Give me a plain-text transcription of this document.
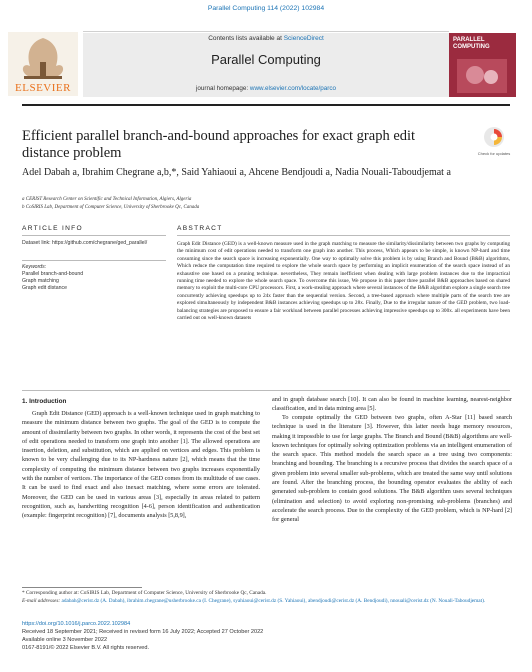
Parallel Computing 114 (2022) 102984
ELSEVIER
Contents lists available at ScienceDirect
Parallel Computing
journal homepage: www.elsevier.com/locate/parco
PARALLEL COMPUTING
Efficient parallel branch-and-bound approaches for exact graph edit distance problem	Check for updates
Adel Dabah a, Ibrahim Chegrane a,b,*, Said Yahiaoui a, Ahcene Bendjoudi a, Nadia Nouali-Taboudjemat a
a CERIST Research Center on Scientific and Technical Information, Algiers, Algeria
b CoSIRIS Lab, Department of Computer Science, University of Sherbrooke Qc, Canada
ARTICLE INFO
Dataset link: https://github.com/chegrane/ged_parallel/
Keywords:
Parallel branch-and-bound
Graph matching
Graph edit distance
ABSTRACT
Graph Edit Distance (GED) is a well-known measure used in the graph matching to measure the similarity/dissimilarity between two graphs by computing the minimum cost of edit operations needed to transform one graph into another. This process, Which appears to be simple, is known NP-hard and time consuming since the search space is increasing exponentially. One way to optimally solve this problem is by using Branch and Bound (B&B) algorithms, Which reduce the computation time required to explore the whole search space by performing an implicit enumeration of the search space instead of an exhaustive one based on a pruning technique. nevertheless, They remain inefficient when dealing with large problem instances due to the impractical running time needed to explore the whole search space. To overcome this issue, We propose in this paper three parallel B&B approaches based on shared memory to exploit the multi-core CPU processors. First, a work-stealing approach where several instances of the B&B algorithm explore a single search tree concurrently achieving speedups up to 24x faster than the sequential version. Second, a tree-based approach where multiple parts of the search tree are explored simultaneously by independent B&B instances achieving speedups up to 28x. Finally, Due to the irregular nature of the GED problem, two load-balancing strategies are proposed to ensure a fair workload between parallel processes achieving impressive speedups up to 300x. all experiments have been carried out on well-known datasets
1. Introduction
Graph Edit Distance (GED) approach is a well-known technique used in graph matching to measure the minimum distance between two graphs. The goal of the GED is to compute the amount of dissimilarity between two graphs. In other words, it represents the cost of the best set of edit operations needed to transform one graph into another [1]. The allowed operations are insertion, deletion, and substitution, which are applied on vertices and edges. This problem is known to be very challenging due to its NP-hardness nature [2], which means that the time complexity of computing the minimum distance between two graphs increases exponentially with the number of vertices. The importance of the GED comes from its multitude of use cases. It can be used to find exact and also inexact matching, where some errors are tolerated. Moreover, the GED can be used in various areas [3], especially in areas related to pattern recognition, such as, handwriting recognition [4-6], person identification and authentication (example: fingerprint recognition) [7], documents analysis [5,8,9],
and in graph database search [10]. It can also be found in machine learning, nearest-neighbor classification, and in data mining area [5].
To compute optimally the GED between two graphs, often A-Star [11] based search technique is used in the literature [3]. However, this latter needs huge memory resources, making it impossible to use for large graphs. The Branch and Bound (B&B) algorithms are well-known techniques for optimally solving optimization problems via an intelligent enumeration of the search space. This method models the search space as a tree using two components: branching and bounding. The branching is a recursive process that divides the search space of a given problem into several smaller sub-problems, which are treated the same way until solutions are found. After the branching process, the bounding operator evaluates the ability of each generated sub-problem to contain good solutions. The B&B algorithm uses several techniques (elimination and selection) to avoid exploring non-promising sub-problems (branches) and accelerate the search process. Due to the complexity of the GED problem, which is NP-hard [2] for general
* Corresponding author at: CoSIRIS Lab, Department of Computer Science, University of Sherbrooke Qc, Canada.
E-mail addresses: adabah@cerist.dz (A. Dabah), ibrahim.chegrane@usherbrooke.ca (I. Chegrane), syahiaoui@cerist.dz (S. Yahiaoui), abendjoudi@cerist.dz (A. Bendjoudi), nnouali@cerist.dz (N. Nouali-Taboudjemat).
https://doi.org/10.1016/j.parco.2022.102984
Received 18 September 2021; Received in revised form 16 July 2022; Accepted 27 October 2022
Available online 3 November 2022
0167-8191/© 2022 Elsevier B.V. All rights reserved.
